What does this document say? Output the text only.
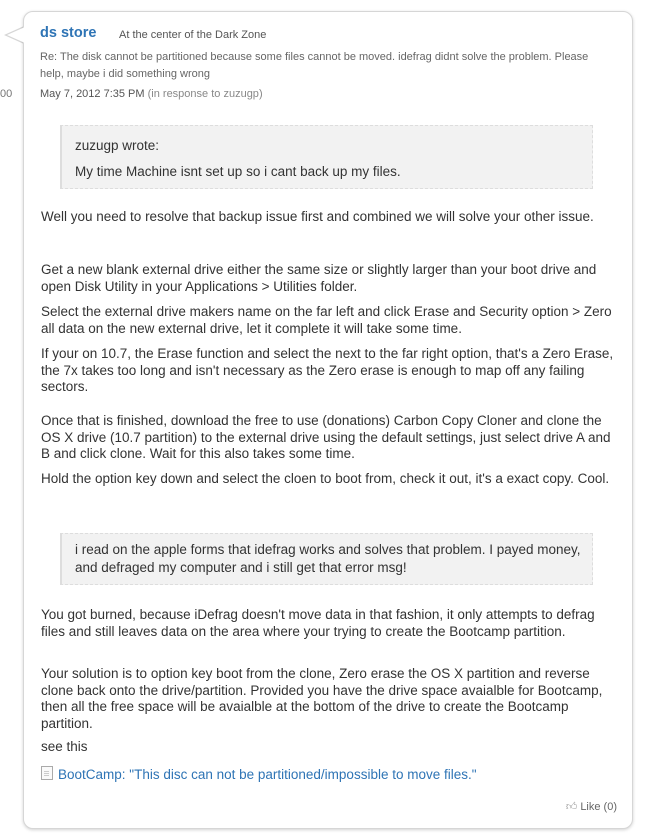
00
ds store At the center of the Dark Zone
Re: The disk cannot be partitioned because some files cannot be moved. idefrag didnt solve the problem. Please help, maybe i did something wrong
May 7, 2012 7:35 PM (in response to zuzugp)
zuzugp wrote:
My time Machine isnt set up so i cant back up my files.
Well you need to resolve that backup issue first and combined we will solve your other issue.
Get a new blank external drive either the same size or slightly larger than your boot drive and open Disk Utility in your Applications > Utilities folder.
Select the external drive makers name on the far left and click Erase and Security option > Zero all data on the new external drive, let it complete it will take some time.
If your on 10.7, the Erase function and select the next to the far right option, that's a Zero Erase, the 7x takes too long and isn't necessary as the Zero erase is enough to map off any failing sectors.
Once that is finished, download the free to use (donations) Carbon Copy Cloner and clone the OS X drive (10.7 partition) to the external drive using the default settings, just select drive A and B and click clone. Wait for this also takes some time.
Hold the option key down and select the cloen to boot from, check it out, it's a exact copy. Cool.
i read on the apple forms that idefrag works and solves that problem. I payed money, and defraged my computer and i still get that error msg!
You got burned, because iDefrag doesn't move data in that fashion, it only attempts to defrag files and still leaves data on the area where your trying to create the Bootcamp partition.
Your solution is to option key boot from the clone, Zero erase the OS X partition and reverse clone back onto the drive/partition. Provided you have the drive space avaialble for Bootcamp, then all the free space will be avaialble at the bottom of the drive to create the Bootcamp partition.
see this
BootCamp: "This disc can not be partitioned/impossible to move files."
👍︎ Like (0)
